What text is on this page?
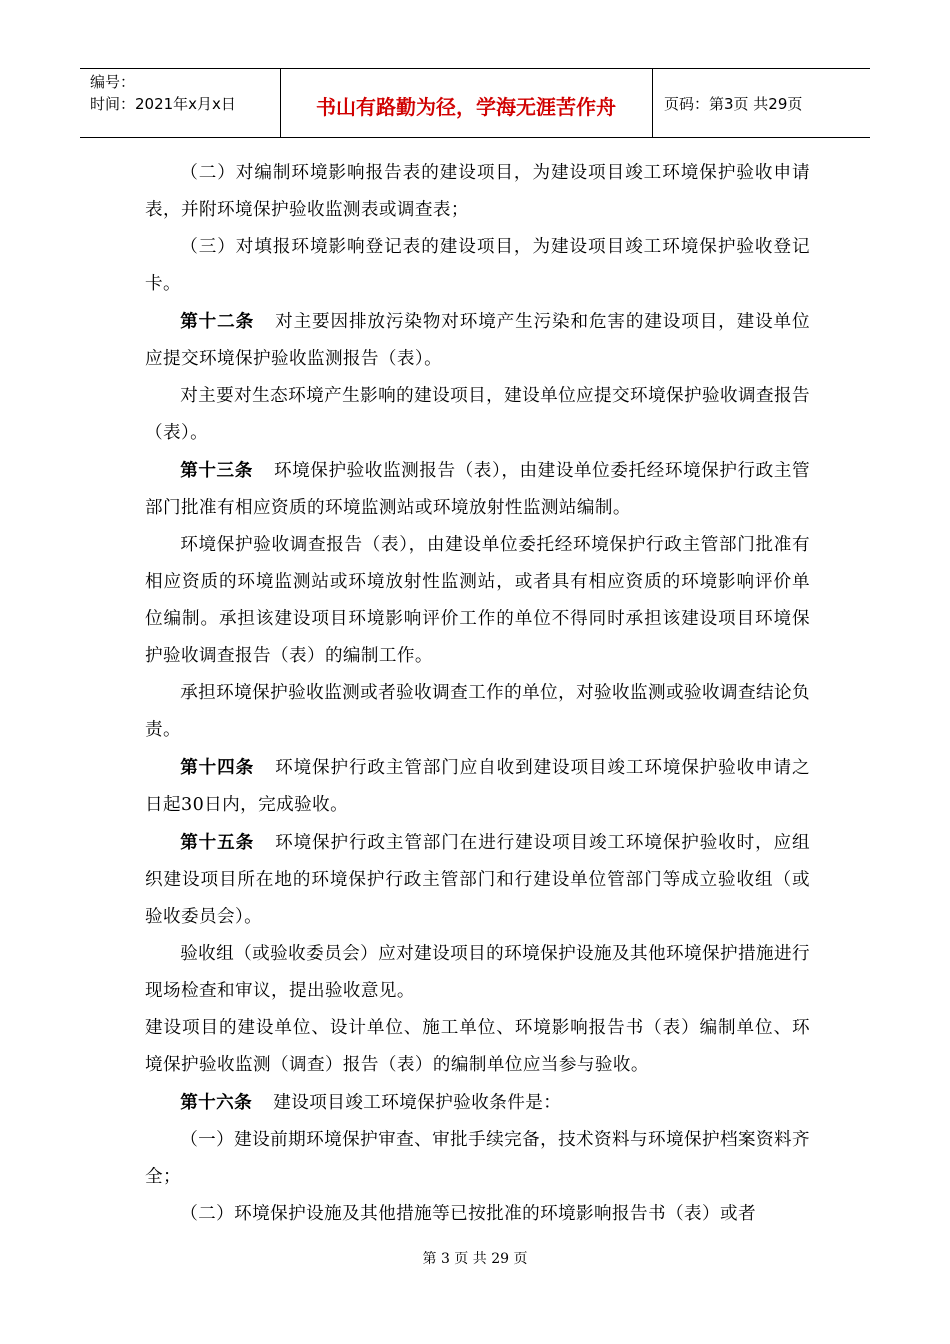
编号：
时间：2021年x月x日	书山有路勤为径，学海无涯苦作舟	页码：第3页 共29页

（二）对编制环境影响报告表的建设项目，为建设项目竣工环境保护验收申请表，并附环境保护验收监测表或调查表；

（三）对填报环境影响登记表的建设项目，为建设项目竣工环境保护验收登记卡。

第十二条 对主要因排放污染物对环境产生污染和危害的建设项目，建设单位应提交环境保护验收监测报告（表）。

对主要对生态环境产生影响的建设项目，建设单位应提交环境保护验收调查报告（表）。

第十三条 环境保护验收监测报告（表），由建设单位委托经环境保护行政主管部门批准有相应资质的环境监测站或环境放射性监测站编制。

环境保护验收调查报告（表），由建设单位委托经环境保护行政主管部门批准有相应资质的环境监测站或环境放射性监测站，或者具有相应资质的环境影响评价单位编制。承担该建设项目环境影响评价工作的单位不得同时承担该建设项目环境保护验收调查报告（表）的编制工作。

承担环境保护验收监测或者验收调查工作的单位，对验收监测或验收调查结论负责。

第十四条 环境保护行政主管部门应自收到建设项目竣工环境保护验收申请之日起30日内，完成验收。

第十五条 环境保护行政主管部门在进行建设项目竣工环境保护验收时，应组织建设项目所在地的环境保护行政主管部门和行建设单位管部门等成立验收组（或验收委员会）。

验收组（或验收委员会）应对建设项目的环境保护设施及其他环境保护措施进行现场检查和审议，提出验收意见。

建设项目的建设单位、设计单位、施工单位、环境影响报告书（表）编制单位、环境保护验收监测（调查）报告（表）的编制单位应当参与验收。

第十六条 建设项目竣工环境保护验收条件是：

（一）建设前期环境保护审查、审批手续完备，技术资料与环境保护档案资料齐全；

（二）环境保护设施及其他措施等已按批准的环境影响报告书（表）或者

第 3 页 共 29 页
